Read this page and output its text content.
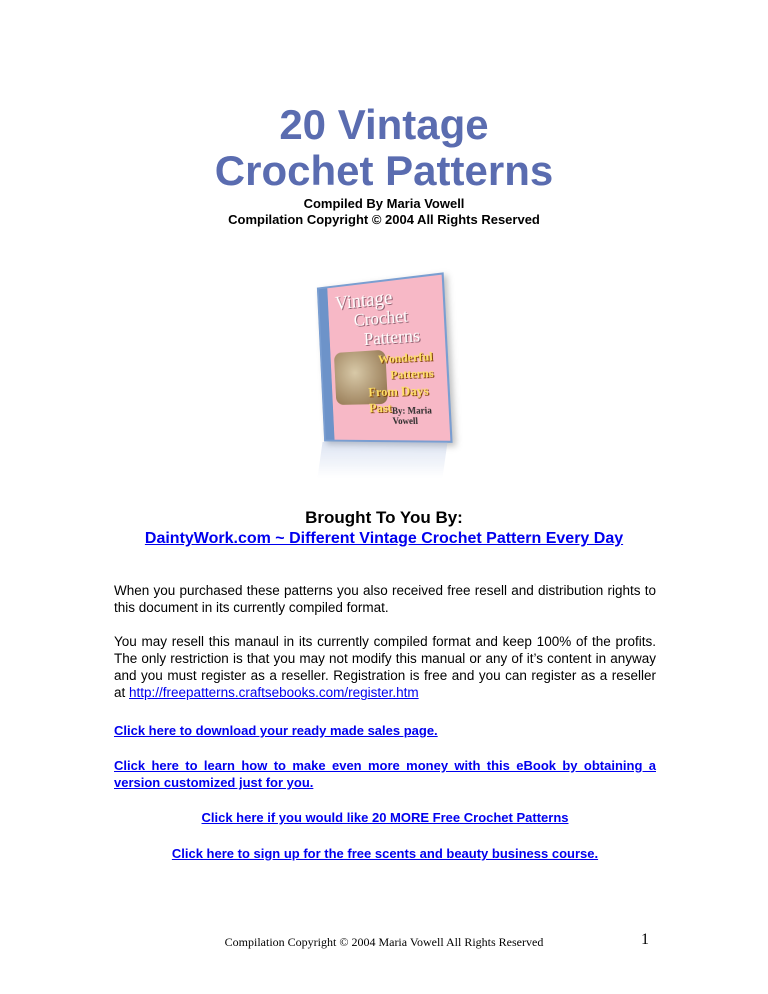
20 Vintage
Crochet Patterns
Compiled By Maria Vowell
Compilation Copyright © 2004 All Rights Reserved
Vintage
Crochet
Patterns
Wonderful
Patterns
From Days Past By: Maria Vowell
Brought To You By:
DaintyWork.com ~ Different Vintage Crochet Pattern Every Day
When you purchased these patterns you also received free resell and distribution rights to this document in its currently compiled format.
You may resell this manaul in its currently compiled format and keep 100% of the profits. The only restriction is that you may not modify this manual or any of it’s content in anyway and you must register as a reseller. Registration is free and you can register as a reseller at http://freepatterns.craftsebooks.com/register.htm
Click here to download your ready made sales page.
Click here to learn how to make even more money with this eBook by obtaining a version customized just for you.
Click here if you would like 20 MORE Free Crochet Patterns
Click here to sign up for the free scents and beauty business course.
Compilation Copyright © 2004 Maria Vowell All Rights Reserved	1
